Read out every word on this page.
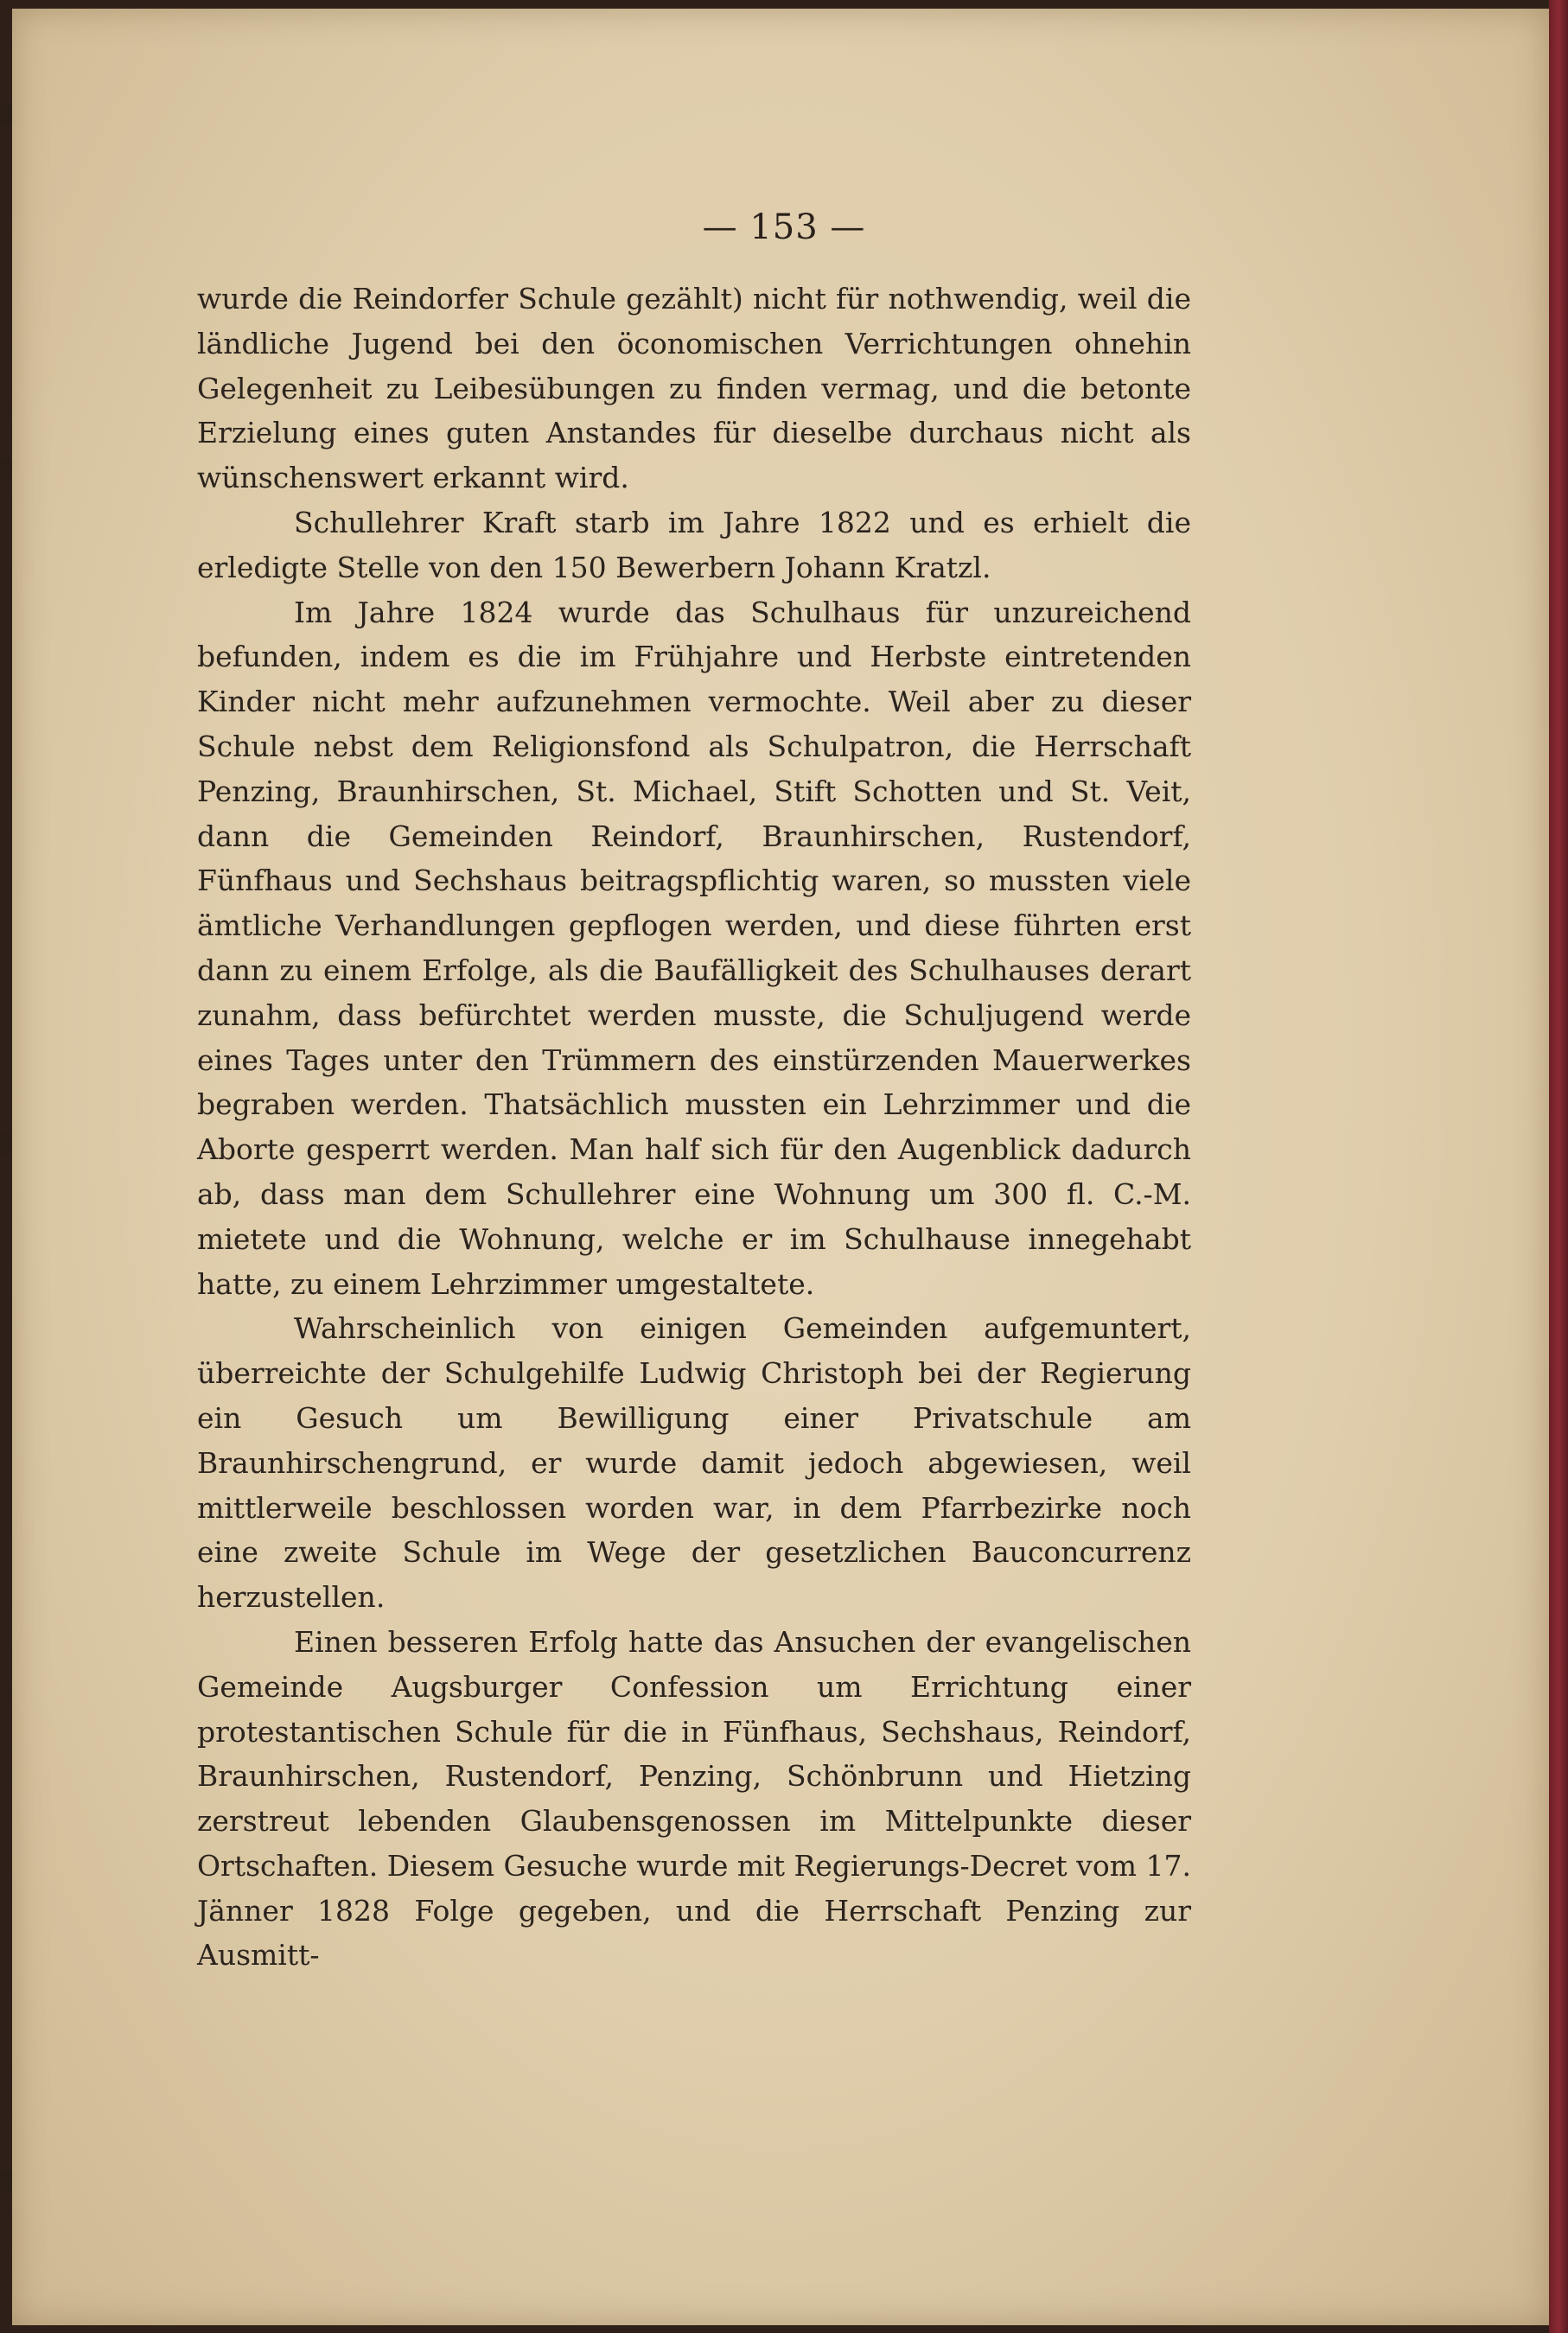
— 153 —

wurde die Reindorfer Schule gezählt) nicht für nothwendig, weil die ländliche Jugend bei den öconomischen Verrichtungen ohnehin Gelegenheit zu Leibesübungen zu finden vermag, und die betonte Erzielung eines guten Anstandes für dieselbe durchaus nicht als wünschenswert erkannt wird.

Schullehrer Kraft starb im Jahre 1822 und es erhielt die erledigte Stelle von den 150 Bewerbern Johann Kratzl.

Im Jahre 1824 wurde das Schulhaus für unzureichend befunden, indem es die im Frühjahre und Herbste eintretenden Kinder nicht mehr aufzunehmen vermochte. Weil aber zu dieser Schule nebst dem Religionsfond als Schulpatron, die Herrschaft Penzing, Braunhirschen, St. Michael, Stift Schotten und St. Veit, dann die Gemeinden Reindorf, Braunhirschen, Rustendorf, Fünfhaus und Sechshaus beitragspflichtig waren, so mussten viele ämtliche Verhandlungen gepflogen werden, und diese führten erst dann zu einem Erfolge, als die Baufälligkeit des Schulhauses derart zunahm, dass befürchtet werden musste, die Schuljugend werde eines Tages unter den Trümmern des einstürzenden Mauerwerkes begraben werden. Thatsächlich mussten ein Lehrzimmer und die Aborte gesperrt werden. Man half sich für den Augenblick dadurch ab, dass man dem Schullehrer eine Wohnung um 300 fl. C.-M. mietete und die Wohnung, welche er im Schulhause innegehabt hatte, zu einem Lehrzimmer umgestaltete.

Wahrscheinlich von einigen Gemeinden aufgemuntert, überreichte der Schulgehilfe Ludwig Christoph bei der Regierung ein Gesuch um Bewilligung einer Privatschule am Braunhirschengrund, er wurde damit jedoch abgewiesen, weil mittlerweile beschlossen worden war, in dem Pfarrbezirke noch eine zweite Schule im Wege der gesetzlichen Bauconcurrenz herzustellen.

Einen besseren Erfolg hatte das Ansuchen der evangelischen Gemeinde Augsburger Confession um Errichtung einer protestantischen Schule für die in Fünfhaus, Sechshaus, Reindorf, Braunhirschen, Rustendorf, Penzing, Schönbrunn und Hietzing zerstreut lebenden Glaubensgenossen im Mittelpunkte dieser Ortschaften. Diesem Gesuche wurde mit Regierungs-Decret vom 17. Jänner 1828 Folge gegeben, und die Herrschaft Penzing zur Ausmitt-
